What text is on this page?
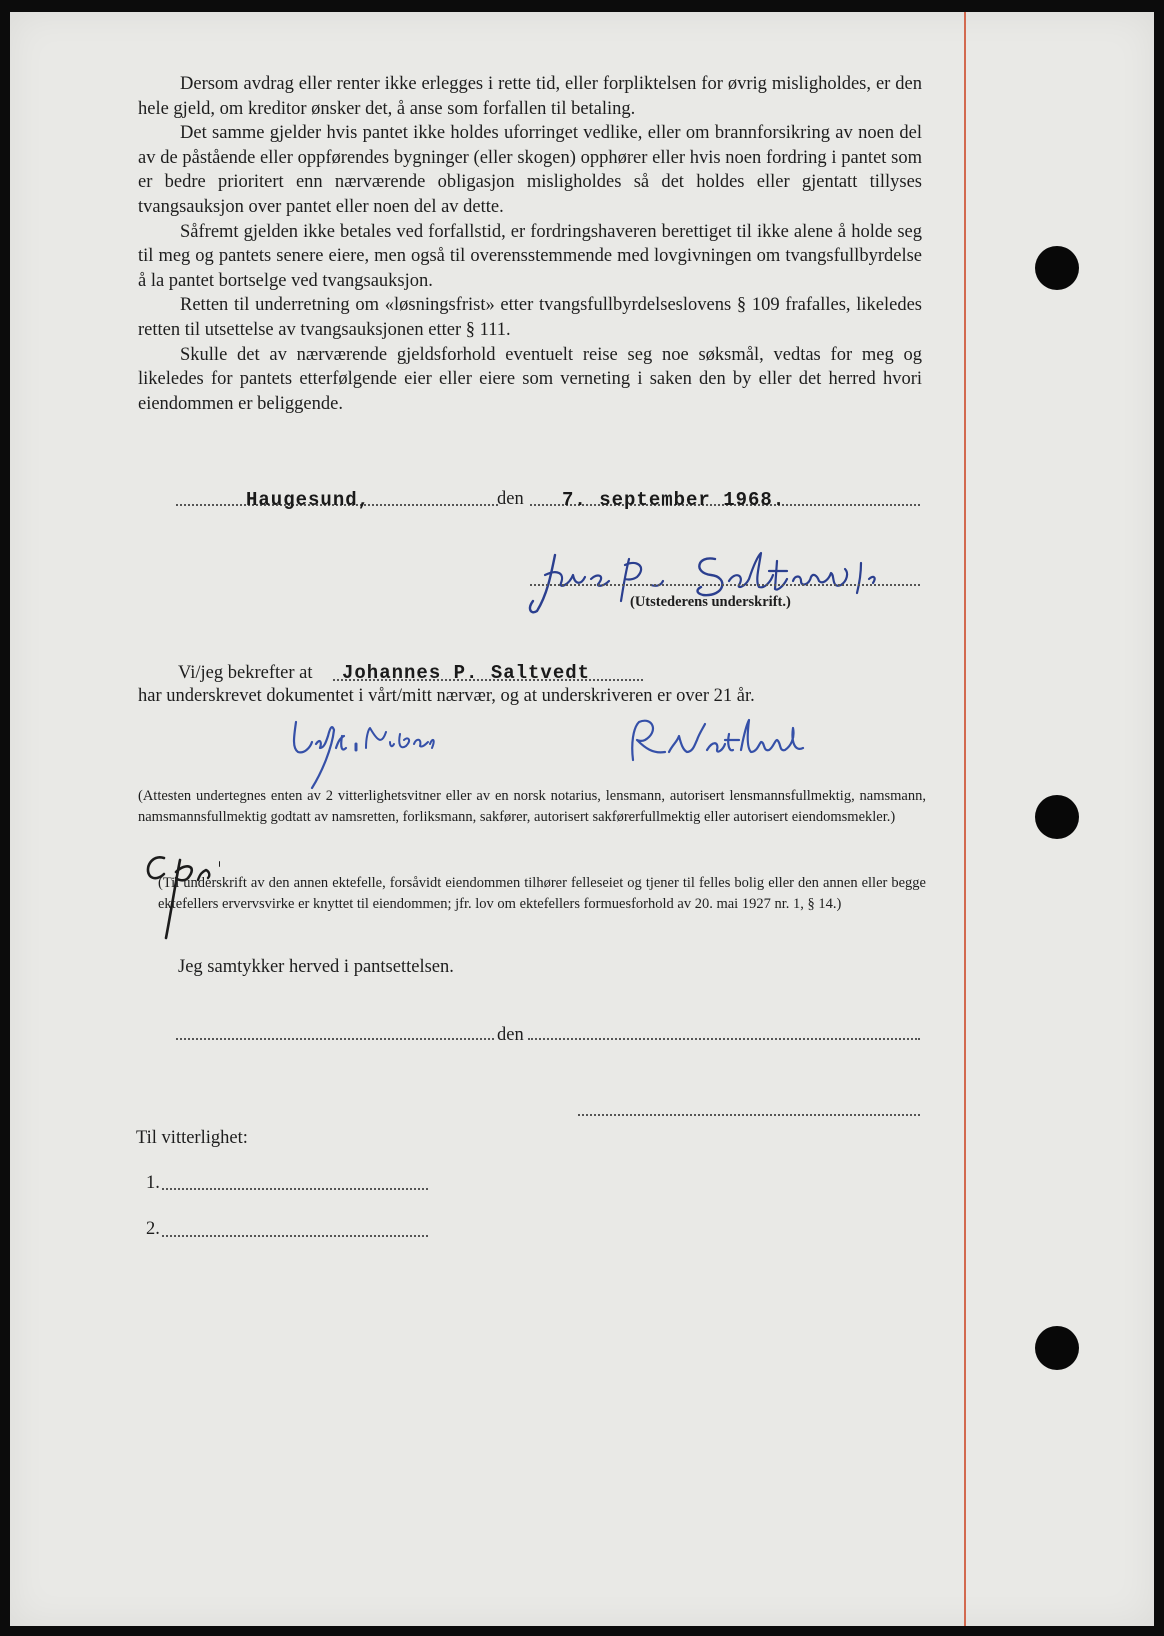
Dersom avdrag eller renter ikke erlegges i rette tid, eller forpliktelsen for øvrig misligholdes, er den hele gjeld, om kreditor ønsker det, å anse som forfallen til betaling.

Det samme gjelder hvis pantet ikke holdes uforringet vedlike, eller om brannforsikring av noen del av de påstående eller oppførendes bygninger (eller skogen) opphører eller hvis noen fordring i pantet som er bedre prioritert enn nærværende obligasjon misligholdes så det holdes eller gjentatt tillyses tvangsauksjon over pantet eller noen del av dette.

Såfremt gjelden ikke betales ved forfallstid, er fordringshaveren berettiget til ikke alene å holde seg til meg og pantets senere eiere, men også til overensstemmende med lovgivningen om tvangsfullbyrdelse å la pantet bortselge ved tvangsauksjon.

Retten til underretning om «løsningsfrist» etter tvangsfullbyrdelseslovens § 109 frafalles, likeledes retten til utsettelse av tvangsauksjonen etter § 111.

Skulle det av nærværende gjeldsforhold eventuelt reise seg noe søksmål, vedtas for meg og likeledes for pantets etterfølgende eier eller eiere som verneting i saken den by eller det herred hvori eiendommen er beliggende.

Haugesund,	den 7. september 1968.
(Utstederens underskrift.)
Vi/jeg bekrefter at Johannes P. Saltvedt
har underskrevet dokumentet i vårt/mitt nærvær, og at underskriveren er over 21 år.
(Attesten undertegnes enten av 2 vitterlighetsvitner eller av en norsk notarius, lensmann, autorisert lensmannsfullmektig, namsmann, namsmannsfullmektig godtatt av namsretten, forliksmann, sakfører, autorisert sakførerfullmektig eller autorisert eiendomsmekler.)
(Til underskrift av den annen ektefelle, forsåvidt eiendommen tilhører felleseiet og tjener til felles bolig eller den annen eller begge ektefellers ervervsvirke er knyttet til eiendommen; jfr. lov om ektefellers formuesforhold av 20. mai 1927 nr. 1, § 14.)
Jeg samtykker herved i pantsettelsen.
den
Til vitterlighet:
1.
2.
